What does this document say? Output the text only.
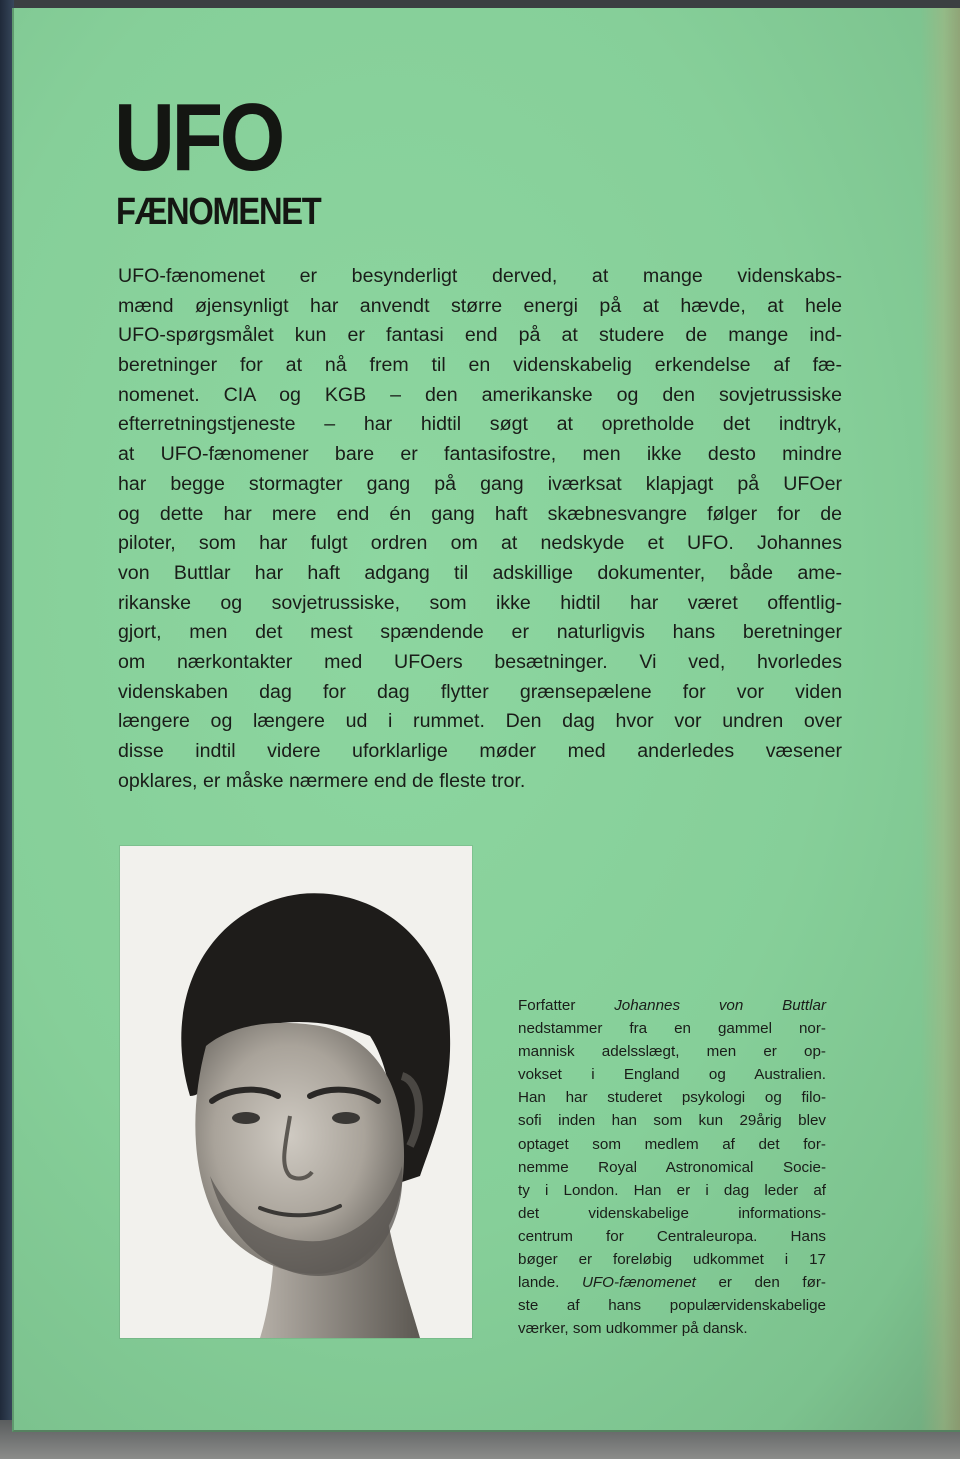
UFO
FÆNOMENET
UFO-fænomenet er besynderligt derved, at mange videnskabs-
mænd øjensynligt har anvendt større energi på at hævde, at hele
UFO-spørgsmålet kun er fantasi end på at studere de mange ind-
beretninger for at nå frem til en videnskabelig erkendelse af fæ-
nomenet. CIA og KGB – den amerikanske og den sovjetrussiske
efterretningstjeneste – har hidtil søgt at opretholde det indtryk,
at UFO-fænomener bare er fantasifostre, men ikke desto mindre
har begge stormagter gang på gang iværksat klapjagt på UFOer
og dette har mere end én gang haft skæbnesvangre følger for de
piloter, som har fulgt ordren om at nedskyde et UFO. Johannes
von Buttlar har haft adgang til adskillige dokumenter, både ame-
rikanske og sovjetrussiske, som ikke hidtil har været offentlig-
gjort, men det mest spændende er naturligvis hans beretninger
om nærkontakter med UFOers besætninger. Vi ved, hvorledes
videnskaben dag for dag flytter grænsepælene for vor viden
længere og længere ud i rummet. Den dag hvor vor undren over
disse indtil videre uforklarlige møder med anderledes væsener
opklares, er måske nærmere end de fleste tror.
Forfatter Johannes von Buttlar
nedstammer fra en gammel nor-
mannisk adelsslægt, men er op-
vokset i England og Australien.
Han har studeret psykologi og filo-
sofi inden han som kun 29årig blev
optaget som medlem af det for-
nemme Royal Astronomical Socie-
ty i London. Han er i dag leder af
det videnskabelige informations-
centrum for Centraleuropa. Hans
bøger er foreløbig udkommet i 17
lande. UFO-fænomenet er den før-
ste af hans populærvidenskabelige
værker, som udkommer på dansk.
